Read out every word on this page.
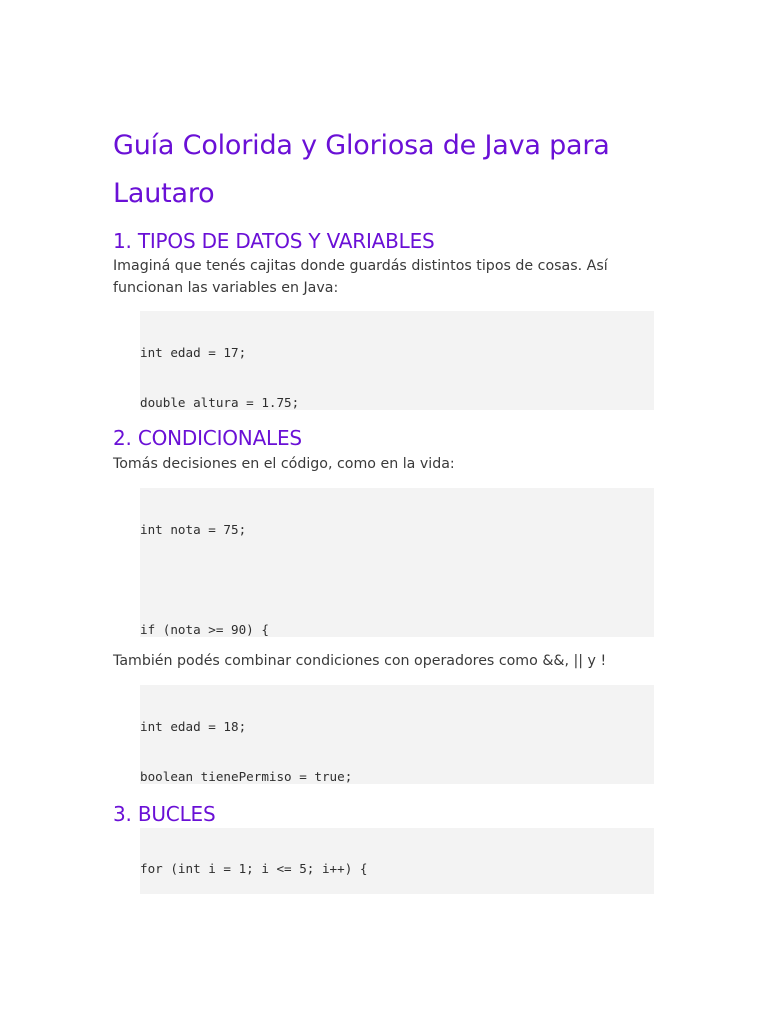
Guía Colorida y Gloriosa de Java para Lautaro
1. TIPOS DE DATOS Y VARIABLES

Imaginá que tenés cajitas donde guardás distintos tipos de cosas. Así funcionan las variables en Java:

int edad = 17;

double altura = 1.75;

2. CONDICIONALES

Tomás decisiones en el código, como en la vida:

int nota = 75;

if (nota >= 90) {

También podés combinar condiciones con operadores como &&, || y !

int edad = 18;

boolean tienePermiso = true;

3. BUCLES

for (int i = 1; i <= 5; i++) {
